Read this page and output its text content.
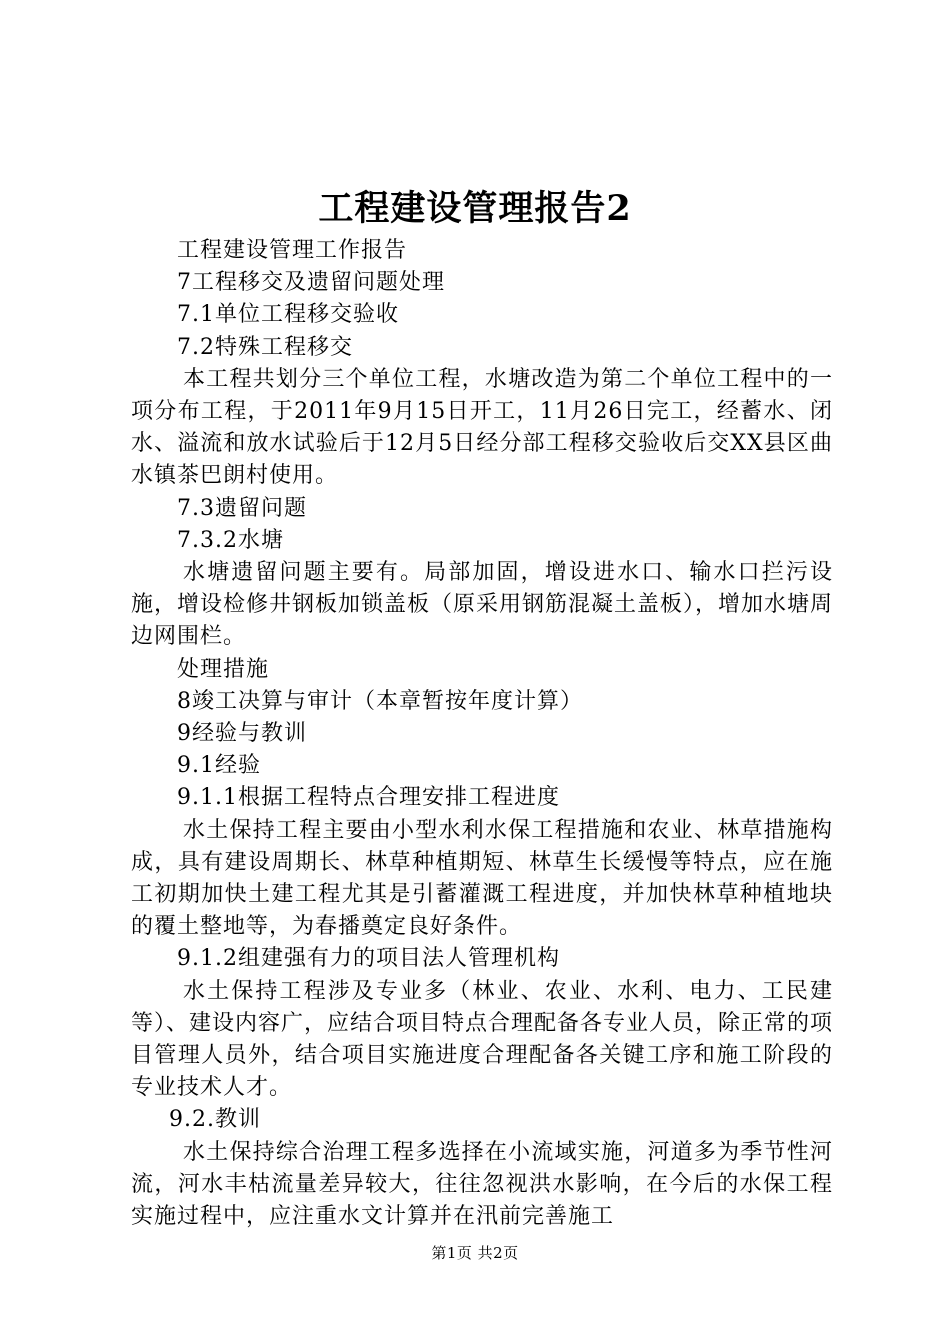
工程建设管理报告2
工程建设管理工作报告
7工程移交及遗留问题处理
7.1单位工程移交验收
7.2特殊工程移交

本工程共划分三个单位工程，水塘改造为第二个单位工程中的一项分布工程，于2011年9月15日开工，11月26日完工，经蓄水、闭水、溢流和放水试验后于12月5日经分部工程移交验收后交XX县区曲水镇茶巴朗村使用。

7.3遗留问题
7.3.2水塘

水塘遗留问题主要有。局部加固，增设进水口、输水口拦污设施，增设检修井钢板加锁盖板（原采用钢筋混凝土盖板），增加水塘周边网围栏。

处理措施
8竣工决算与审计（本章暂按年度计算）
9经验与教训
9.1经验
9.1.1根据工程特点合理安排工程进度

水土保持工程主要由小型水利水保工程措施和农业、林草措施构成，具有建设周期长、林草种植期短、林草生长缓慢等特点，应在施工初期加快土建工程尤其是引蓄灌溉工程进度，并加快林草种植地块的覆土整地等，为春播奠定良好条件。

9.1.2组建强有力的项目法人管理机构

水土保持工程涉及专业多（林业、农业、水利、电力、工民建等）、建设内容广，应结合项目特点合理配备各专业人员，除正常的项目管理人员外，结合项目实施进度合理配备各关键工序和施工阶段的专业技术人才。

9.2.教训

水土保持综合治理工程多选择在小流域实施，河道多为季节性河流，河水丰枯流量差异较大，往往忽视洪水影响，在今后的水保工程实施过程中，应注重水文计算并在汛前完善施工

第1页 共2页
